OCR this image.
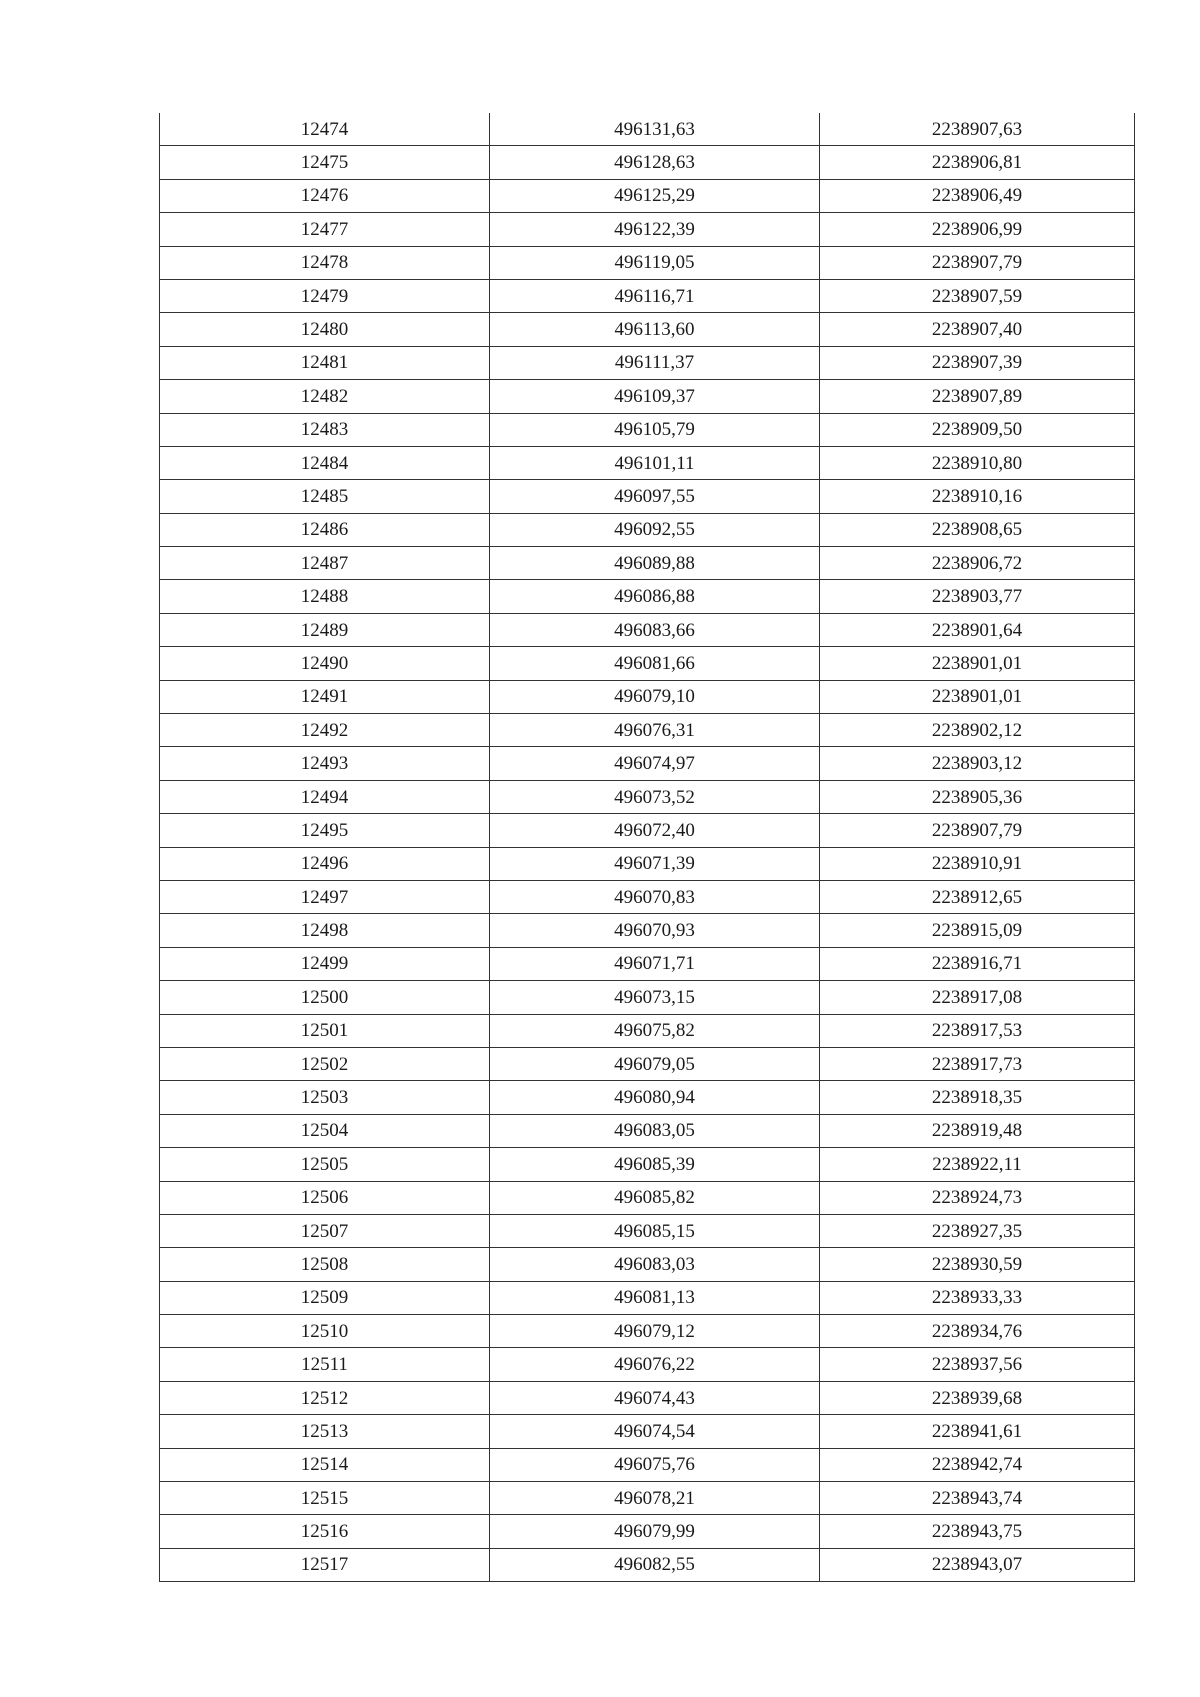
12474	496131,63	2238907,63
12475	496128,63	2238906,81
12476	496125,29	2238906,49
12477	496122,39	2238906,99
12478	496119,05	2238907,79
12479	496116,71	2238907,59
12480	496113,60	2238907,40
12481	496111,37	2238907,39
12482	496109,37	2238907,89
12483	496105,79	2238909,50
12484	496101,11	2238910,80
12485	496097,55	2238910,16
12486	496092,55	2238908,65
12487	496089,88	2238906,72
12488	496086,88	2238903,77
12489	496083,66	2238901,64
12490	496081,66	2238901,01
12491	496079,10	2238901,01
12492	496076,31	2238902,12
12493	496074,97	2238903,12
12494	496073,52	2238905,36
12495	496072,40	2238907,79
12496	496071,39	2238910,91
12497	496070,83	2238912,65
12498	496070,93	2238915,09
12499	496071,71	2238916,71
12500	496073,15	2238917,08
12501	496075,82	2238917,53
12502	496079,05	2238917,73
12503	496080,94	2238918,35
12504	496083,05	2238919,48
12505	496085,39	2238922,11
12506	496085,82	2238924,73
12507	496085,15	2238927,35
12508	496083,03	2238930,59
12509	496081,13	2238933,33
12510	496079,12	2238934,76
12511	496076,22	2238937,56
12512	496074,43	2238939,68
12513	496074,54	2238941,61
12514	496075,76	2238942,74
12515	496078,21	2238943,74
12516	496079,99	2238943,75
12517	496082,55	2238943,07
